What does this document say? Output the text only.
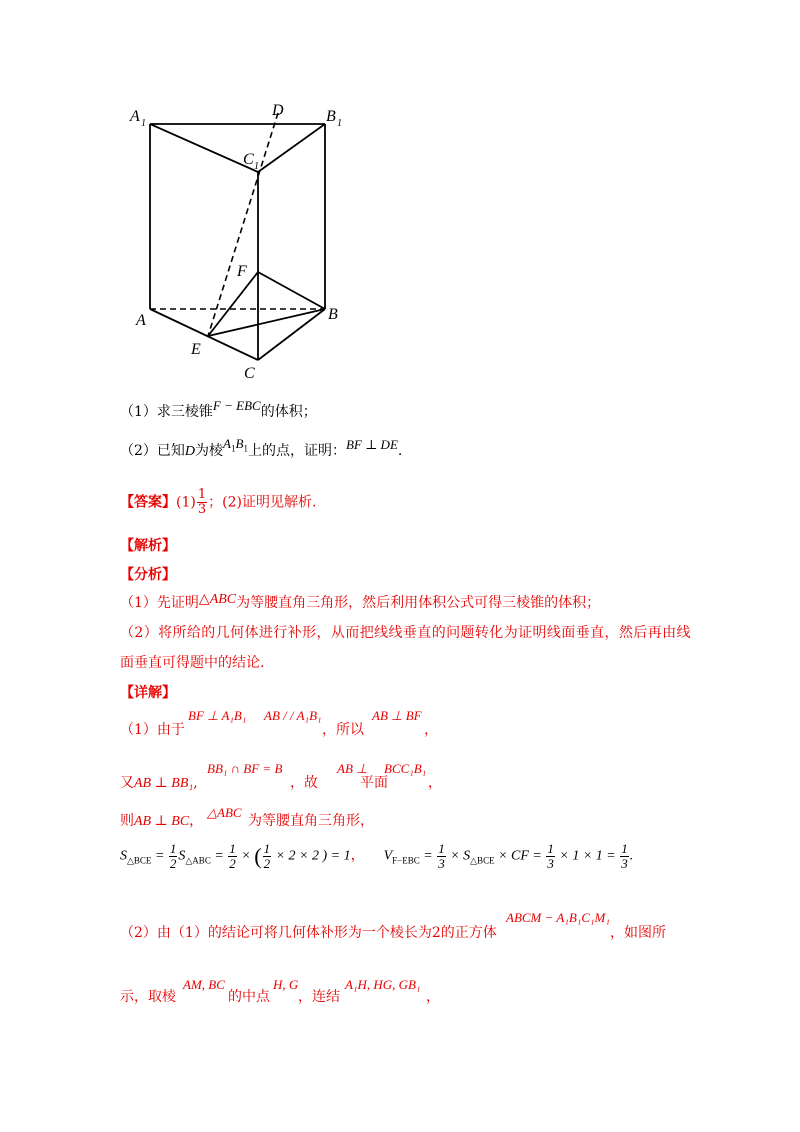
A 1
D	B 1
C 1
F
A	B
E
C
（1）求三棱锥F − EBC的体积；
（2）已知D为棱$A_1B_1$上的点，证明：BF ⊥ DE.
【答案】$(1) \frac{1}{3}$ ；(2)证明见解析.
【解析】
【分析】
（1）先证明△ABC为等腰直角三角形，然后利用体积公式可得三棱锥的体积；
（2）将所给的几何体进行补形，从而把线线垂直的问题转化为证明线面垂直，然后再由线
面垂直可得题中的结论.
【详解】
（1）由于
BF ⊥ A₁B₁ AB / / A₁B₁
，所以
AB ⊥ BF
，
又AB ⊥ BB₁,
BB₁ ∩ BF = B
，故
AB ⊥
平面
BCC₁B₁
，
则AB ⊥ BC，
△ABC
为等腰直角三角形，
$S_{\triangle BCE} = \frac{1}{2} S_{\triangle ABC} = \frac{1}{2}$ × ( $\frac{1}{2} \times 2 \times 2$ ) = 1， $V_{F-EBC} = \frac{1}{3} \times S_{\triangle BCE}$ × CF = $\frac{1}{3} \times 1 \times 1 = \frac{1}{3}$ .
（2）由（1）的结论可将几何体补形为一个棱长为2的正方体
ABCM − A₁B₁C₁M₁
，如图所
示，取棱
AM, BC
的中点
H, G
，连结
A₁H, HG, GB₁
，
